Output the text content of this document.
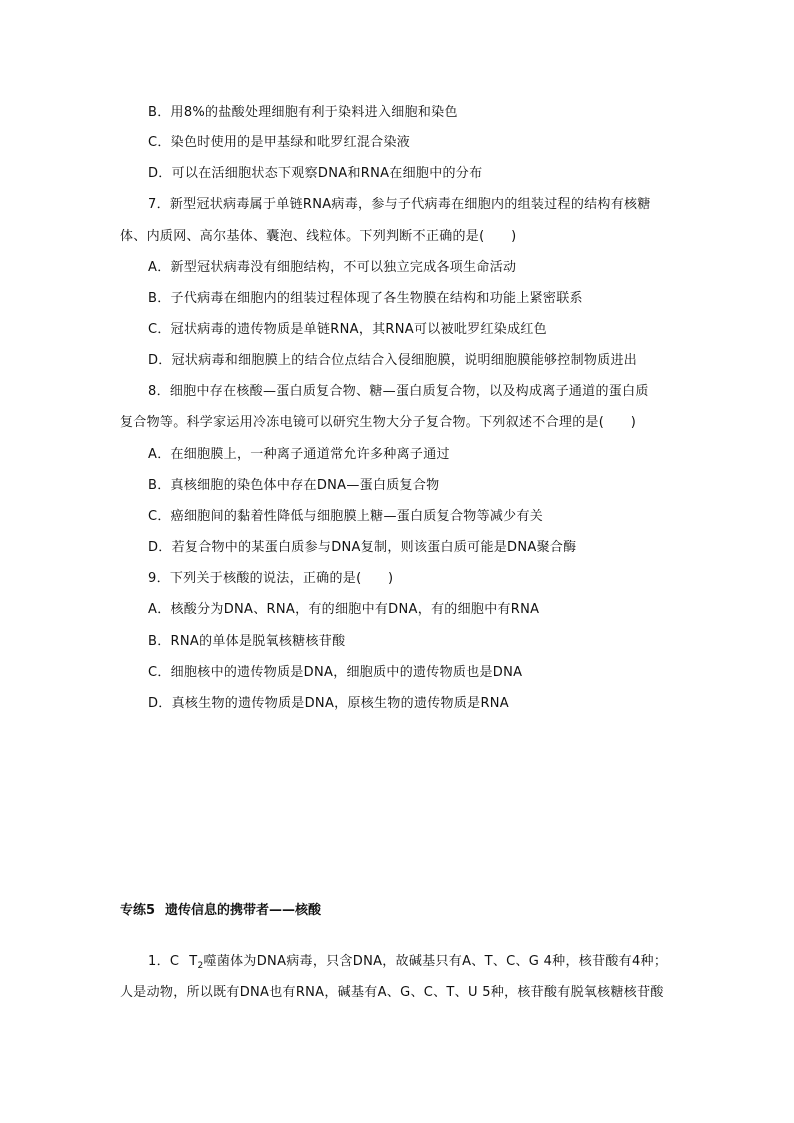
B．用8%的盐酸处理细胞有利于染料进入细胞和染色
C．染色时使用的是甲基绿和吡罗红混合染液
D．可以在活细胞状态下观察DNA和RNA在细胞中的分布
7．新型冠状病毒属于单链RNA病毒，参与子代病毒在细胞内的组装过程的结构有核糖
体、内质网、高尔基体、囊泡、线粒体。下列判断不正确的是(　　)
A．新型冠状病毒没有细胞结构，不可以独立完成各项生命活动
B．子代病毒在细胞内的组装过程体现了各生物膜在结构和功能上紧密联系
C．冠状病毒的遗传物质是单链RNA，其RNA可以被吡罗红染成红色
D．冠状病毒和细胞膜上的结合位点结合入侵细胞膜，说明细胞膜能够控制物质进出
8．细胞中存在核酸—蛋白质复合物、糖—蛋白质复合物，以及构成离子通道的蛋白质
复合物等。科学家运用冷冻电镜可以研究生物大分子复合物。下列叙述不合理的是(　　)
A．在细胞膜上，一种离子通道常允许多种离子通过
B．真核细胞的染色体中存在DNA—蛋白质复合物
C．癌细胞间的黏着性降低与细胞膜上糖—蛋白质复合物等减少有关
D．若复合物中的某蛋白质参与DNA复制，则该蛋白质可能是DNA聚合酶
9．下列关于核酸的说法，正确的是(　　)
A．核酸分为DNA、RNA，有的细胞中有DNA，有的细胞中有RNA
B．RNA的单体是脱氧核糖核苷酸
C．细胞核中的遗传物质是DNA，细胞质中的遗传物质也是DNA
D．真核生物的遗传物质是DNA，原核生物的遗传物质是RNA
专练5 遗传信息的携带者——核酸
1．C $T_2$噬菌体为DNA病毒，只含DNA，故碱基只有A、T、C、G 4种，核苷酸有4种；
人是动物，所以既有DNA也有RNA，碱基有A、G、C、T、U 5种，核苷酸有脱氧核糖核苷酸
